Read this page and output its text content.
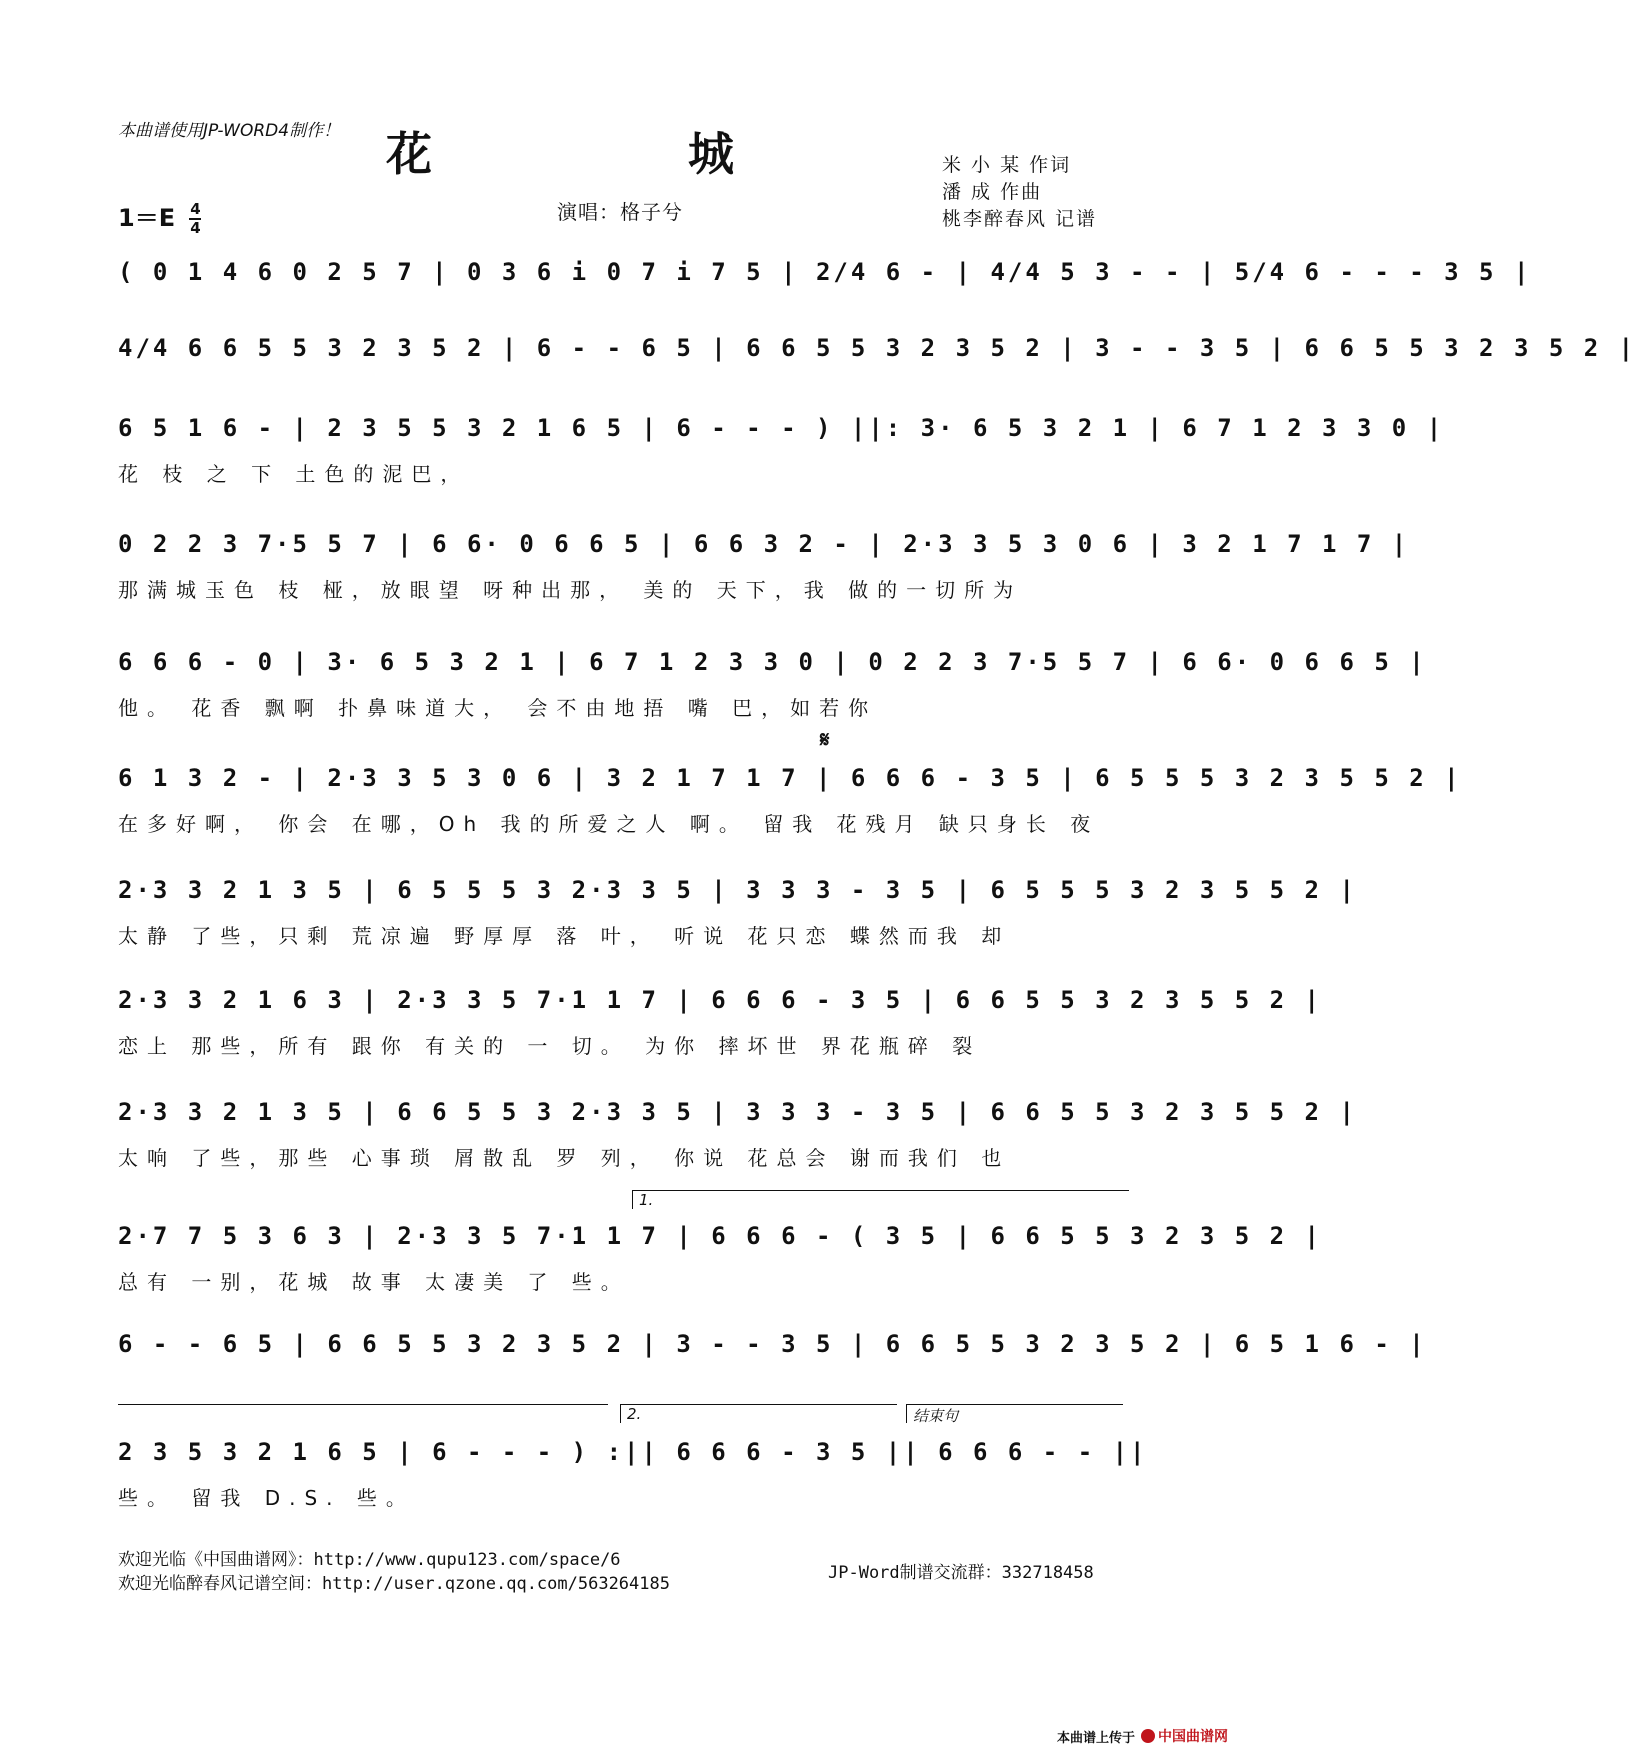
本曲谱使用JP-WORD4制作！ 花 城	米 小 某 作词
潘 成 作曲
桃李醉春风 记谱
$1=E \frac{4}{4}$	演唱：格子兮
( 0 1 4 6 0 2 5 7 | 0 3 6 i 0 7 i 7 5 | 2/4 6 - | 4/4 5 3 - - | 5/4 6 - - - 3 5 |
4/4 6 6 5 5 3 2 3 5 2 | 6 - - 6 5 | 6 6 5 5 3 2 3 5 2 | 3 - - 3 5 | 6 6 5 5 3 2 3 5 2 |
6 5 1 6 - | 2 3 5 5 3 2 1 6 5 | 6 - - - ) ||: 3· 6 5 3 2 1 | 6 7 1 2 3 3 0 |
花 枝 之 下 土色的泥巴，
0 2 2 3 7·5 5 7 | 6 6· 0 6 6 5 | 6 6 3 2 - | 2·3 3 5 3 0 6 | 3 2 1 7 1 7 |
那满城玉色 枝 桠，放眼望 呀种出那， 美的 天下，我 做的一切所为
6 6 6 - 0 | 3· 6 5 3 2 1 | 6 7 1 2 3 3 0 | 0 2 2 3 7·5 5 7 | 6 6· 0 6 6 5 |
他。 花香 飘啊 扑鼻味道大， 会不由地捂 嘴 巴，如若你
𝄋
6 1 3 2 - | 2·3 3 5 3 0 6 | 3 2 1 7 1 7 | 6 6 6 - 3 5 | 6 5 5 5 3 2 3 5 5 2 |
在多好啊， 你会 在哪，Oh 我的所爱之人 啊。 留我 花残月 缺只身长 夜
2·3 3 2 1 3 5 | 6 5 5 5 3 2·3 3 5 | 3 3 3 - 3 5 | 6 5 5 5 3 2 3 5 5 2 |
太静 了些，只剩 荒凉遍 野厚厚 落 叶， 听说 花只恋 蝶然而我 却
2·3 3 2 1 6 3 | 2·3 3 5 7·1 1 7 | 6 6 6 - 3 5 | 6 6 5 5 3 2 3 5 5 2 |
恋上 那些，所有 跟你 有关的 一 切。 为你 摔坏世 界花瓶碎 裂
2·3 3 2 1 3 5 | 6 6 5 5 3 2·3 3 5 | 3 3 3 - 3 5 | 6 6 5 5 3 2 3 5 5 2 |
太响 了些，那些 心事琐 屑散乱 罗 列， 你说 花总会 谢而我们 也
1.
2·7 7 5 3 6 3 | 2·3 3 5 7·1 1 7 | 6 6 6 - ( 3 5 | 6 6 5 5 3 2 3 5 2 |
总有 一别，花城 故事 太凄美 了 些。
6 - - 6 5 | 6 6 5 5 3 2 3 5 2 | 3 - - 3 5 | 6 6 5 5 3 2 3 5 2 | 6 5 1 6 - |
2.	结束句
2 3 5 3 2 1 6 5 | 6 - - - ) :|| 6 6 6 - 3 5 || 6 6 6 - - ||
些。 留我 D.S. 些。
欢迎光临《中国曲谱网》：http://www.qupu123.com/space/6
欢迎光临醉春风记谱空间：http://user.qzone.qq.com/563264185
JP-Word制谱交流群：332718458
本曲谱上传于 中国曲谱网
